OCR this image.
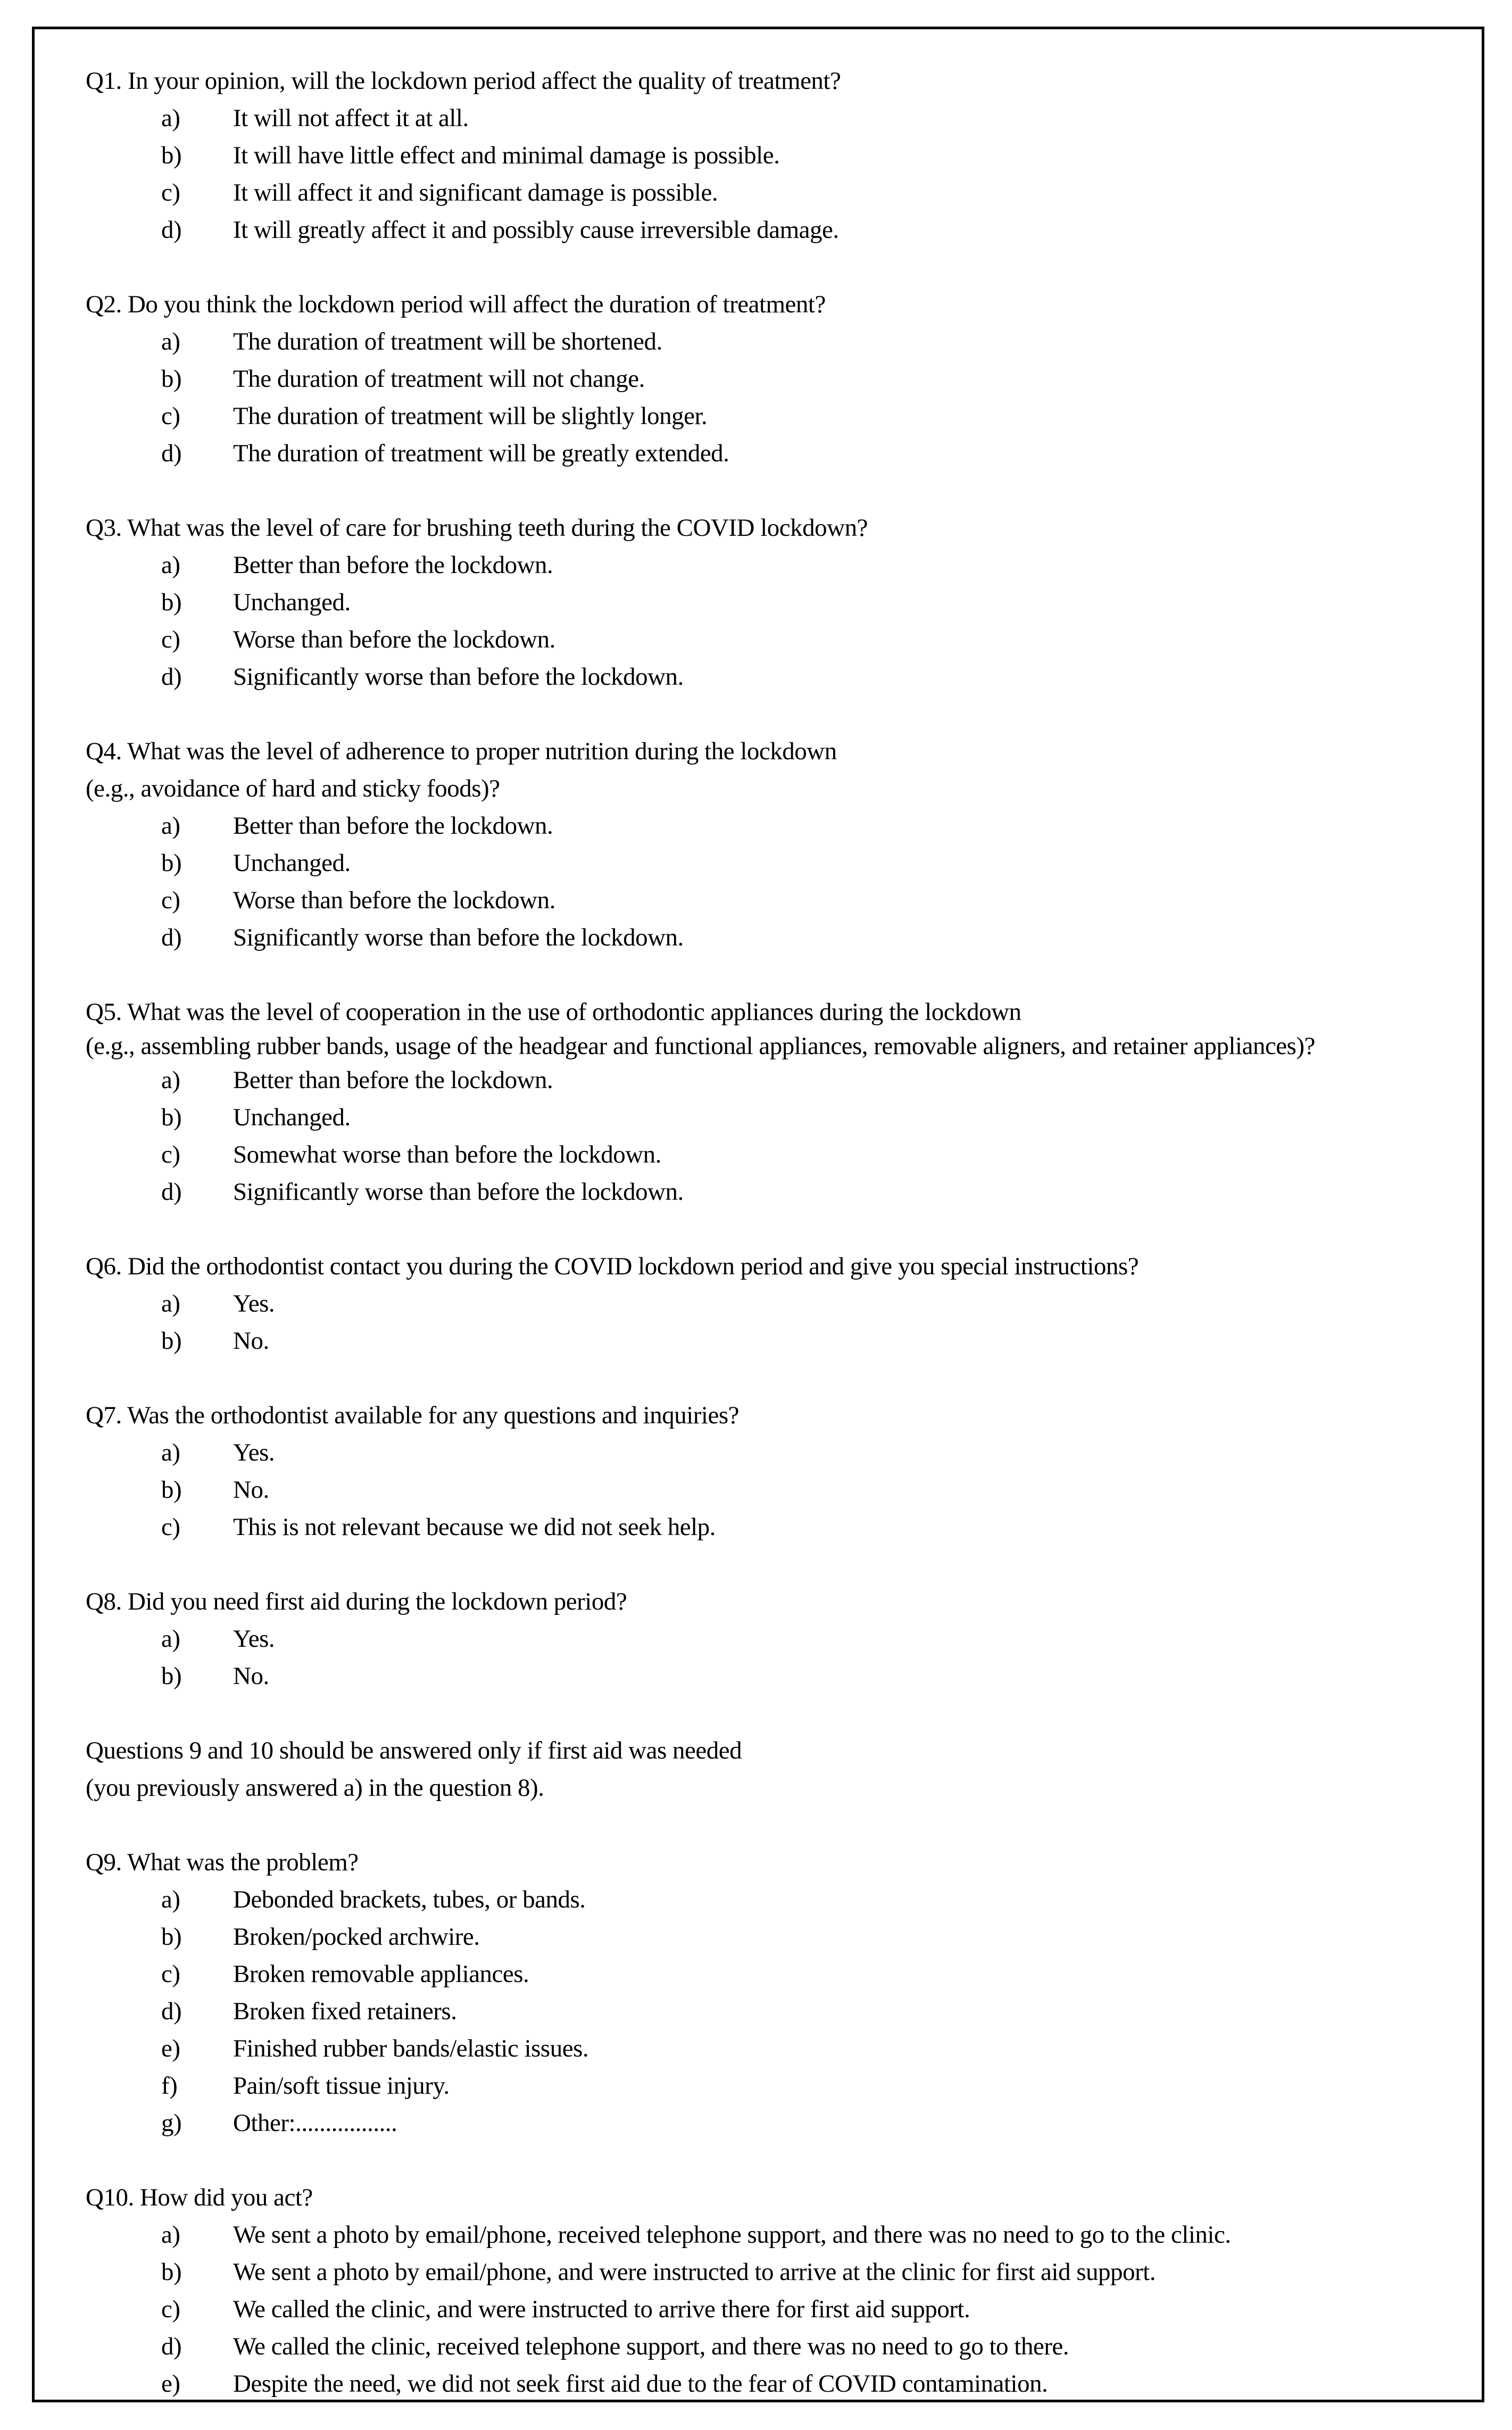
Q1. In your opinion, will the lockdown period affect the quality of treatment?

a)	It will not affect it at all.
b)	It will have little effect and minimal damage is possible.
c)	It will affect it and significant damage is possible.
d)	It will greatly affect it and possibly cause irreversible damage.

Q2. Do you think the lockdown period will affect the duration of treatment?

a)	The duration of treatment will be shortened.
b)	The duration of treatment will not change.
c)	The duration of treatment will be slightly longer.
d)	The duration of treatment will be greatly extended.

Q3. What was the level of care for brushing teeth during the COVID lockdown?

a)	Better than before the lockdown.
b)	Unchanged.
c)	Worse than before the lockdown.
d)	Significantly worse than before the lockdown.

Q4. What was the level of adherence to proper nutrition during the lockdown

(e.g., avoidance of hard and sticky foods)?

a)	Better than before the lockdown.
b)	Unchanged.
c)	Worse than before the lockdown.
d)	Significantly worse than before the lockdown.

Q5. What was the level of cooperation in the use of orthodontic appliances during the lockdown

(e.g., assembling rubber bands, usage of the headgear and functional appliances, removable aligners, and retainer appliances)?

a)	Better than before the lockdown.
b)	Unchanged.
c)	Somewhat worse than before the lockdown.
d)	Significantly worse than before the lockdown.

Q6. Did the orthodontist contact you during the COVID lockdown period and give you special instructions?

a)	Yes.
b)	No.

Q7. Was the orthodontist available for any questions and inquiries?

a)	Yes.
b)	No.
c)	This is not relevant because we did not seek help.

Q8. Did you need first aid during the lockdown period?

a)	Yes.
b)	No.

Questions 9 and 10 should be answered only if first aid was needed

(you previously answered a) in the question 8).

Q9. What was the problem?

a)	Debonded brackets, tubes, or bands.
b)	Broken/pocked archwire.
c)	Broken removable appliances.
d)	Broken fixed retainers.
e)	Finished rubber bands/elastic issues.
f)	Pain/soft tissue injury.
g)	Other:.................

Q10. How did you act?

a)	We sent a photo by email/phone, received telephone support, and there was no need to go to the clinic.
b)	We sent a photo by email/phone, and were instructed to arrive at the clinic for first aid support.
c)	We called the clinic, and were instructed to arrive there for first aid support.
d)	We called the clinic, received telephone support, and there was no need to go to there.
e)	Despite the need, we did not seek first aid due to the fear of COVID contamination.
